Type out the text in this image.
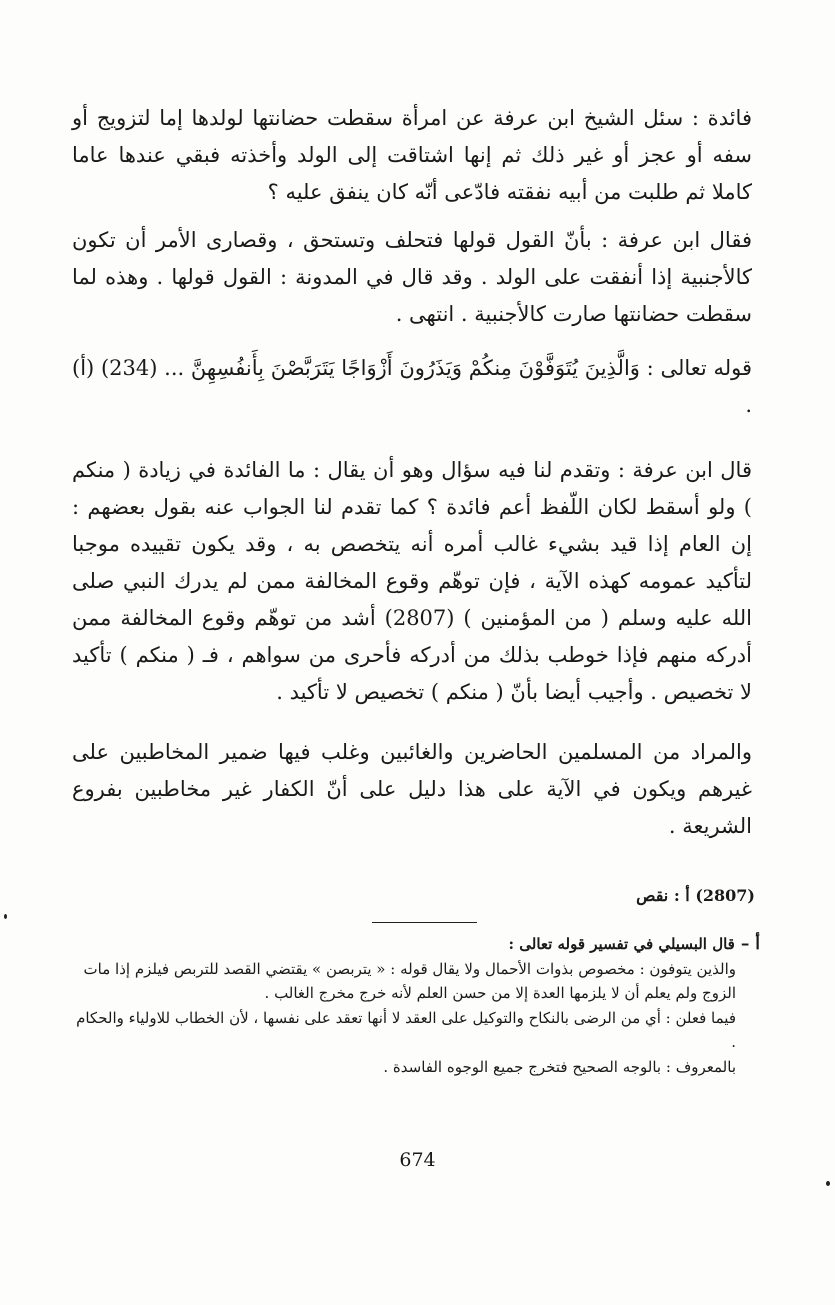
فائدة : سئل الشيخ ابن عرفة عن امرأة سقطت حضانتها لولدها إما لتزويج أو سفه أو عجز أو غير ذلك ثم إنها اشتاقت إلى الولد وأخذته فبقي عندها عاما كاملا ثم طلبت من أبيه نفقته فادّعى أنّه كان ينفق عليه ؟

فقال ابن عرفة : بأنّ القول قولها فتحلف وتستحق ، وقصارى الأمر أن تكون كالأجنبية إذا أنفقت على الولد . وقد قال في المدونة : القول قولها . وهذه لما سقطت حضانتها صارت كالأجنبية . انتهى .

قوله تعالى : وَالَّذِينَ يُتَوَفَّوْنَ مِنكُمْ وَيَذَرُونَ أَزْوَاجًا يَتَرَبَّصْنَ بِأَنفُسِهِنَّ ... (234) (أ) .

قال ابن عرفة : وتقدم لنا فيه سؤال وهو أن يقال : ما الفائدة في زيادة ( منكم ) ولو أسقط لكان اللّفظ أعم فائدة ؟ كما تقدم لنا الجواب عنه بقول بعضهم : إن العام إذا قيد بشيء غالب أمره أنه يتخصص به ، وقد يكون تقييده موجبا لتأكيد عمومه كهذه الآية ، فإن توهّم وقوع المخالفة ممن لم يدرك النبي صلى الله عليه وسلم ( من المؤمنين ) (2807) أشد من توهّم وقوع المخالفة ممن أدركه منهم فإذا خوطب بذلك من أدركه فأحرى من سواهم ، فـ ( منكم ) تأكيد لا تخصيص . وأجيب أيضا بأنّ ( منكم ) تخصيص لا تأكيد .

والمراد من المسلمين الحاضرين والغائبين وغلب فيها ضمير المخاطبين على غيرهم ويكون في الآية على هذا دليل على أنّ الكفار غير مخاطبين بفروع الشريعة .

(2807) أ : نقص

أ –قال البسيلي في تفسير قوله تعالى :

والذين يتوفون : مخصوص بذوات الأحمال ولا يقال قوله : « يتربصن » يقتضي القصد للتربص فيلزم إذا مات الزوج ولم يعلم أن لا يلزمها العدة إلا من حسن العلم لأنه خرج مخرج الغالب .

فيما فعلن : أي من الرضى بالنكاح والتوكيل على العقد لا أنها تعقد على نفسها ، لأن الخطاب للاولياء والحكام .

بالمعروف : بالوجه الصحيح فتخرج جميع الوجوه الفاسدة .

674
